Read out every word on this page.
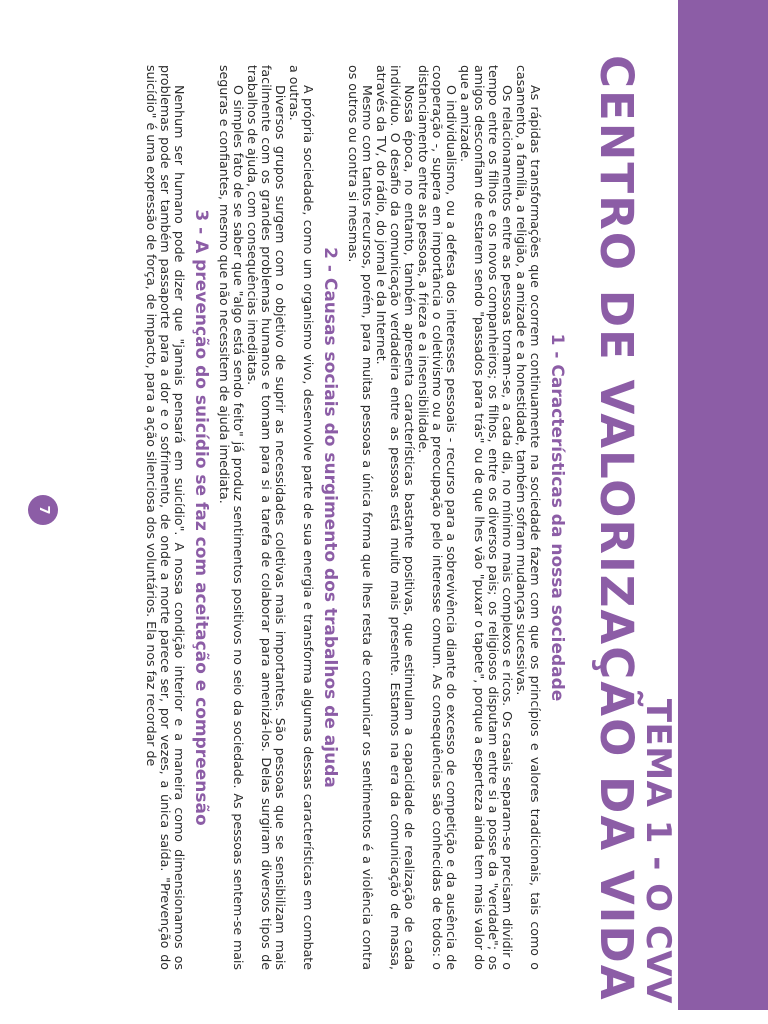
TEMA 1 - O CVV
CENTRO DE VALORIZAÇÃO DA VIDA
1 - Características da nossa sociedade

As rápidas transformações que ocorrem continuamente na sociedade fazem com que os princípios e valores tradicionais, tais como o casamento, a família, a religião, a amizade e a honestidade, também sofram mudanças sucessivas.

Os relacionamentos entre as pessoas tornam-se, a cada dia, no mínimo mais complexos e ricos. Os casais separam-se precisam dividir o tempo entre os filhos e os novos companheiros; os filhos, entre os diversos pais; os religiosos disputam entre si a posse da "verdade"; os amigos desconfiam de estarem sendo "passados para trás" ou de que lhes vão "puxar o tapete", porque a esperteza ainda tem mais valor do que a amizade.

O individualismo, ou a defesa dos interesses pessoais - recurso para a sobrevivência diante do excesso de competição e da ausência de cooperação -, supera em importância o coletivismo ou a preocupação pelo interesse comum. As consequências são conhecidas de todos: o distanciamento entre as pessoas, a frieza e a insensibilidade.

Nossa época, no entanto, também apresenta características bastante positivas, que estimulam a capacidade de realização de cada indivíduo. O desafio da comunicação verdadeira entre as pessoas está muito mais presente. Estamos na era da comunicação de massa, através da TV, do rádio, do jornal e da Internet.

Mesmo com tantos recursos, porém, para muitas pessoas a única forma que lhes resta de comunicar os sentimentos é a violência contra os outros ou contra si mesmas.

2 - Causas sociais do surgimento dos trabalhos de ajuda

A própria sociedade, como um organismo vivo, desenvolve parte de sua energia e transforma algumas dessas características em combate a outras.

Diversos grupos surgem com o objetivo de suprir as necessidades coletivas mais importantes. São pessoas que se sensibilizam mais facilmente com os grandes problemas humanos e tomam para si a tarefa de colaborar para amenizá-los. Delas surgiram diversos tipos de trabalhos de ajuda, com consequências imediatas.

O simples fato de se saber que "algo está sendo feito" já produz sentimentos positivos no seio da sociedade. As pessoas sentem-se mais seguras e confiantes, mesmo que não necessitem de ajuda imediata.

3 - A prevenção do suicídio se faz com aceitação e compreensão

Nenhum ser humano pode dizer que "jamais pensará em suicídio". A nossa condição interior e a maneira como dimensionamos os problemas pode ser também passaporte para a dor e o sofrimento, de onde a morte parece ser, por vezes, a única saída. "Prevenção do suicídio" é uma expressão de força, de impacto, para a ação silenciosa dos voluntários. Ela nos faz recordar de

7
